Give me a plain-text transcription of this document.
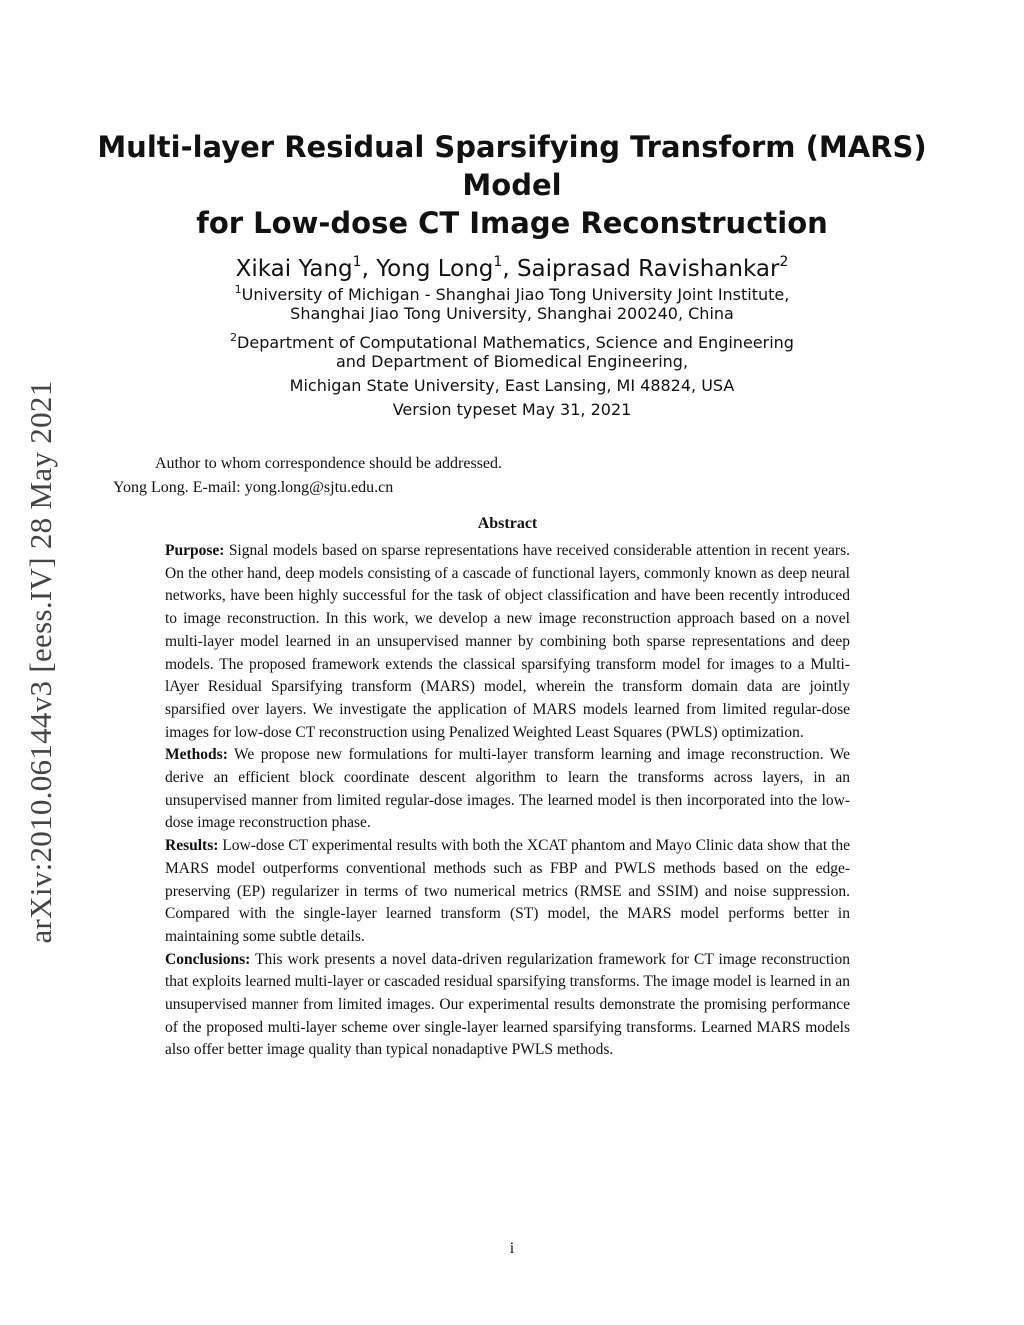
arXiv:2010.06144v3 [eess.IV] 28 May 2021
Multi-layer Residual Sparsifying Transform (MARS) Model
for Low-dose CT Image Reconstruction
Xikai Yang$^1$, Yong Long$^1$, Saiprasad Ravishankar$^2$
$^1$University of Michigan - Shanghai Jiao Tong University Joint Institute,
Shanghai Jiao Tong University, Shanghai 200240, China
$^2$Department of Computational Mathematics, Science and Engineering
and Department of Biomedical Engineering,
Michigan State University, East Lansing, MI 48824, USA
Version typeset May 31, 2021
Author to whom correspondence should be addressed.
Yong Long. E-mail: yong.long@sjtu.edu.cn
Abstract

Purpose: Signal models based on sparse representations have received considerable attention in recent years. On the other hand, deep models consisting of a cascade of functional layers, commonly known as deep neural networks, have been highly successful for the task of object classification and have been recently introduced to image reconstruction. In this work, we develop a new image reconstruction approach based on a novel multi-layer model learned in an unsupervised manner by combining both sparse representations and deep models. The proposed framework extends the classical sparsifying transform model for images to a Multi-lAyer Residual Sparsifying transform (MARS) model, wherein the transform domain data are jointly sparsified over layers. We investigate the application of MARS models learned from limited regular-dose images for low-dose CT reconstruction using Penalized Weighted Least Squares (PWLS) optimization.

Methods: We propose new formulations for multi-layer transform learning and image reconstruction. We derive an efficient block coordinate descent algorithm to learn the transforms across layers, in an unsupervised manner from limited regular-dose images. The learned model is then incorporated into the low-dose image reconstruction phase.

Results: Low-dose CT experimental results with both the XCAT phantom and Mayo Clinic data show that the MARS model outperforms conventional methods such as FBP and PWLS methods based on the edge-preserving (EP) regularizer in terms of two numerical metrics (RMSE and SSIM) and noise suppression. Compared with the single-layer learned transform (ST) model, the MARS model performs better in maintaining some subtle details.

Conclusions: This work presents a novel data-driven regularization framework for CT image reconstruction that exploits learned multi-layer or cascaded residual sparsifying transforms. The image model is learned in an unsupervised manner from limited images. Our experimental results demonstrate the promising performance of the proposed multi-layer scheme over single-layer learned sparsifying transforms. Learned MARS models also offer better image quality than typical nonadaptive PWLS methods.

i
